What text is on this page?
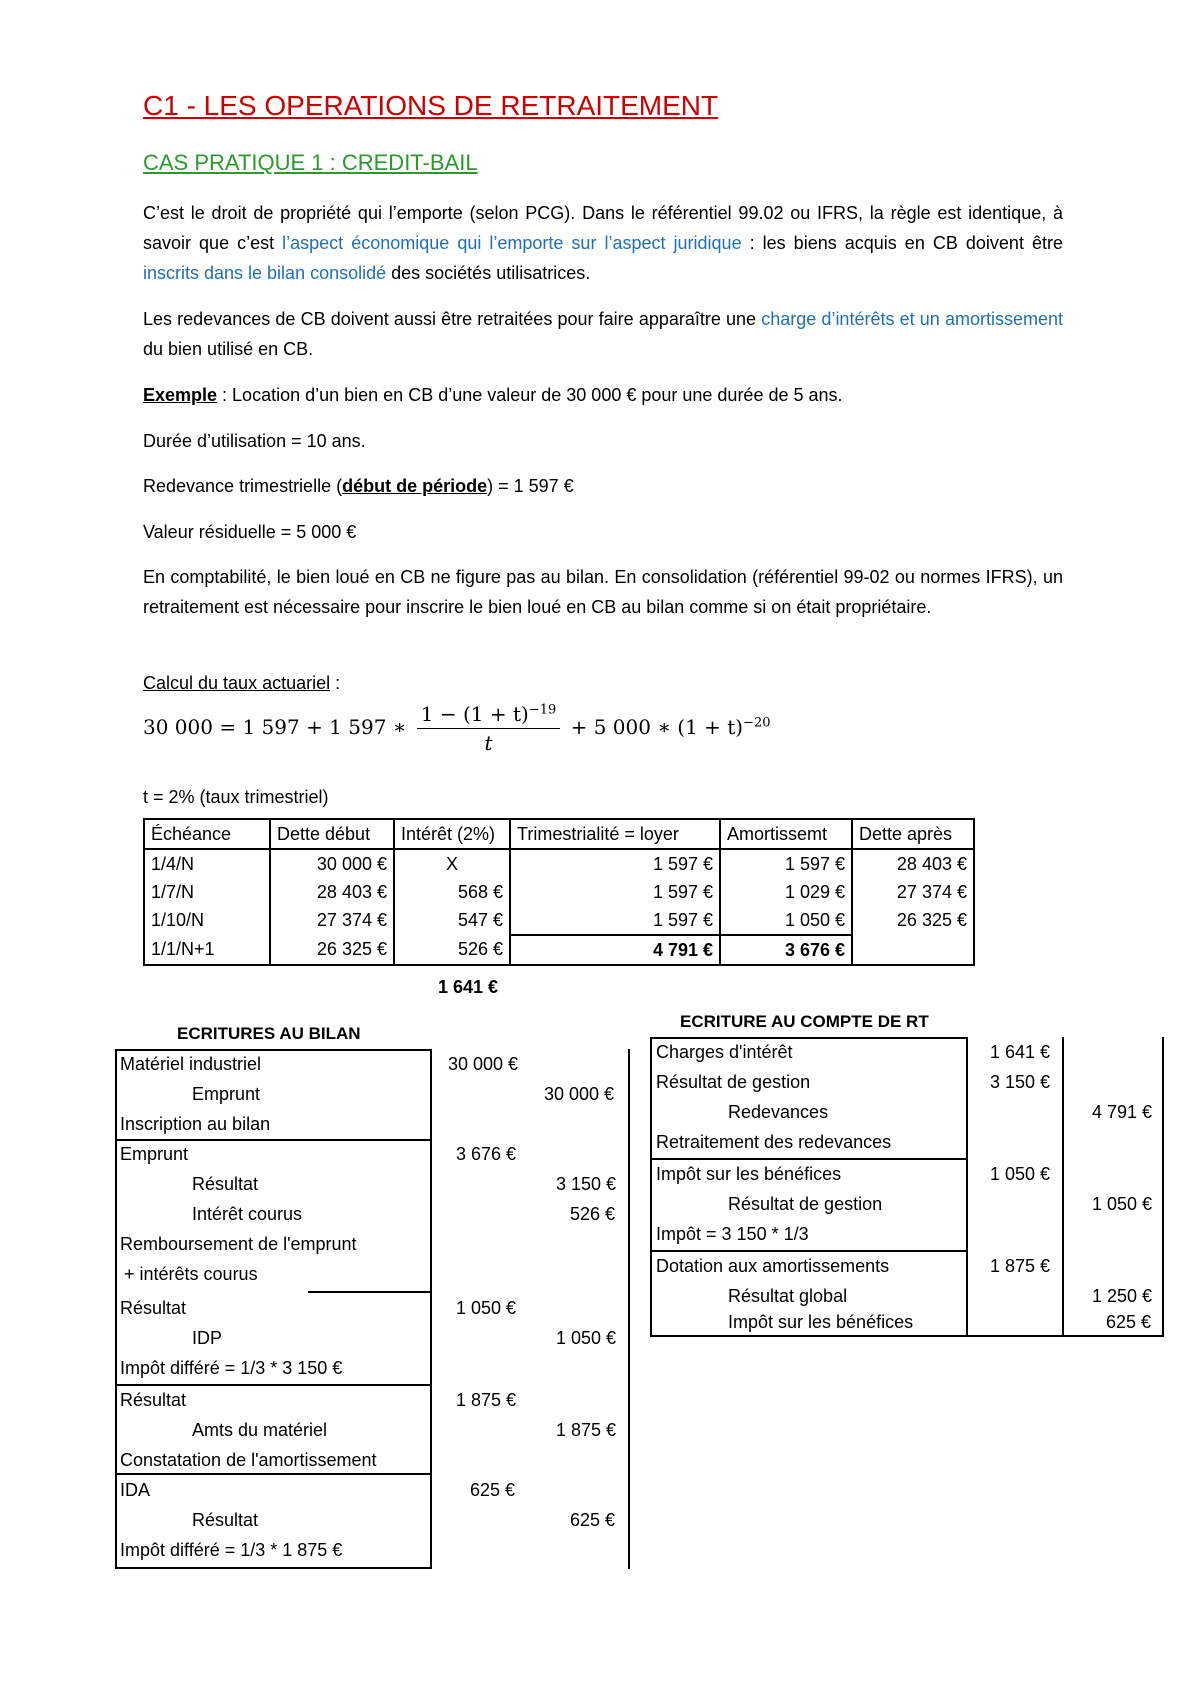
C1 - LES OPERATIONS DE RETRAITEMENT
CAS PRATIQUE 1 : CREDIT-BAIL
C’est le droit de propriété qui l’emporte (selon PCG). Dans le référentiel 99.02 ou IFRS, la règle est identique, à savoir que c’est l’aspect économique qui l’emporte sur l’aspect juridique : les biens acquis en CB doivent être inscrits dans le bilan consolidé des sociétés utilisatrices.
Les redevances de CB doivent aussi être retraitées pour faire apparaître une charge d’intérêts et un amortissement du bien utilisé en CB.
Exemple : Location d’un bien en CB d’une valeur de 30 000 € pour une durée de 5 ans.
Durée d’utilisation = 10 ans.
Redevance trimestrielle (début de période) = 1 597 €
Valeur résiduelle = 5 000 €
En comptabilité, le bien loué en CB ne figure pas au bilan. En consolidation (référentiel 99-02 ou normes IFRS), un retraitement est nécessaire pour inscrire le bien loué en CB au bilan comme si on était propriétaire.
Calcul du taux actuariel :
30 000 = 1 597 + 1 597 ∗ $\frac{1 - (1 + t)^{-19}}{t} + 5$ 000 ∗ $(1 + t)^{-20}$
t = 2% (taux trimestriel)
Échéance	Dette début	Intérêt (2%)	Trimestrialité = loyer	Amortissemt	Dette après
1/4/N	30 000 €	X	1 597 €	1 597 €	28 403 €
1/7/N	28 403 €	568 €	1 597 €	1 029 €	27 374 €
1/10/N	27 374 €	547 €	1 597 €	1 050 €	26 325 €
1/1/N+1	26 325 €	526 €	4 791 €	3 676 €	
1 641 €
ECRITURES AU BILAN
Matériel industriel	30 000 €
Emprunt	30 000 €
Inscription au bilan
Emprunt	3 676 €
Résultat	3 150 €
Intérêt courus	526 €
Remboursement de l'emprunt
+ intérêts courus
Résultat	1 050 €
IDP	1 050 €
Impôt différé = 1/3 * 3 150 €
Résultat	1 875 €
Amts du matériel	1 875 €
Constatation de l'amortissement
IDA	625 €
Résultat	625 €
Impôt différé = 1/3 * 1 875 €
ECRITURE AU COMPTE DE RT
Charges d'intérêt	1 641 €
Résultat de gestion	3 150 €
Redevances	4 791 €
Retraitement des redevances
Impôt sur les bénéfices	1 050 €
Résultat de gestion	1 050 €
Impôt = 3 150 * 1/3
Dotation aux amortissements	1 875 €
Résultat global	1 250 €
Impôt sur les bénéfices	625 €
